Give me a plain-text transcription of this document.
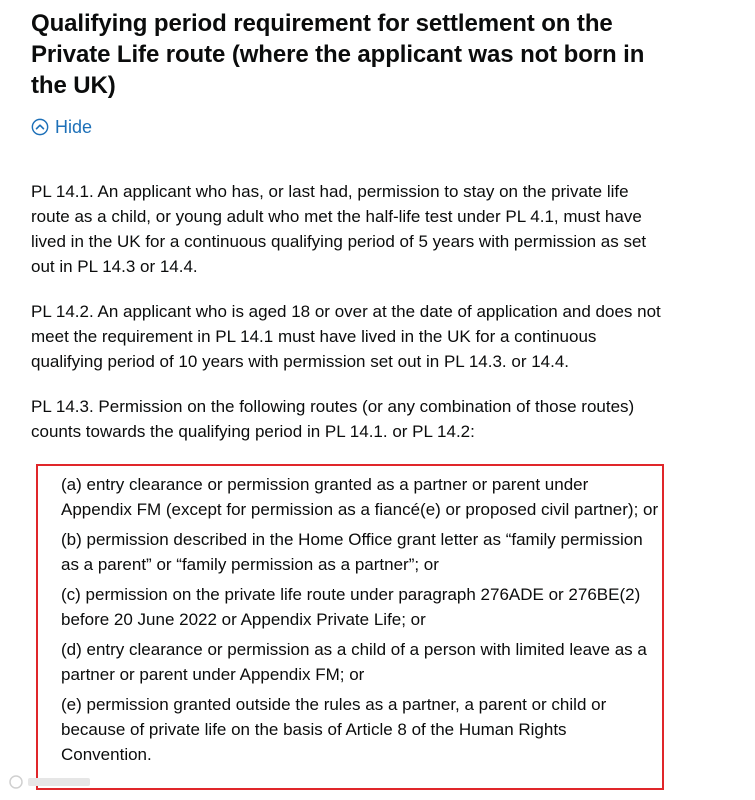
Qualifying period requirement for settlement on the Private Life route (where the applicant was not born in the UK)
Hide

PL 14.1. An applicant who has, or last had, permission to stay on the private life route as a child, or young adult who met the half-life test under PL 4.1, must have lived in the UK for a continuous qualifying period of 5 years with permission as set out in PL 14.3 or 14.4.

PL 14.2. An applicant who is aged 18 or over at the date of application and does not meet the requirement in PL 14.1 must have lived in the UK for a continuous qualifying period of 10 years with permission set out in PL 14.3. or 14.4.

PL 14.3. Permission on the following routes (or any combination of those routes) counts towards the qualifying period in PL 14.1. or PL 14.2:

(a) entry clearance or permission granted as a partner or parent under Appendix FM (except for permission as a fiancé(e) or proposed civil partner); or
(b) permission described in the Home Office grant letter as “family permission as a parent” or “family permission as a partner”; or
(c) permission on the private life route under paragraph 276ADE or 276BE(2) before 20 June 2022 or Appendix Private Life; or
(d) entry clearance or permission as a child of a person with limited leave as a partner or parent under Appendix FM; or
(e) permission granted outside the rules as a partner, a parent or child or because of private life on the basis of Article 8 of the Human Rights Convention.
